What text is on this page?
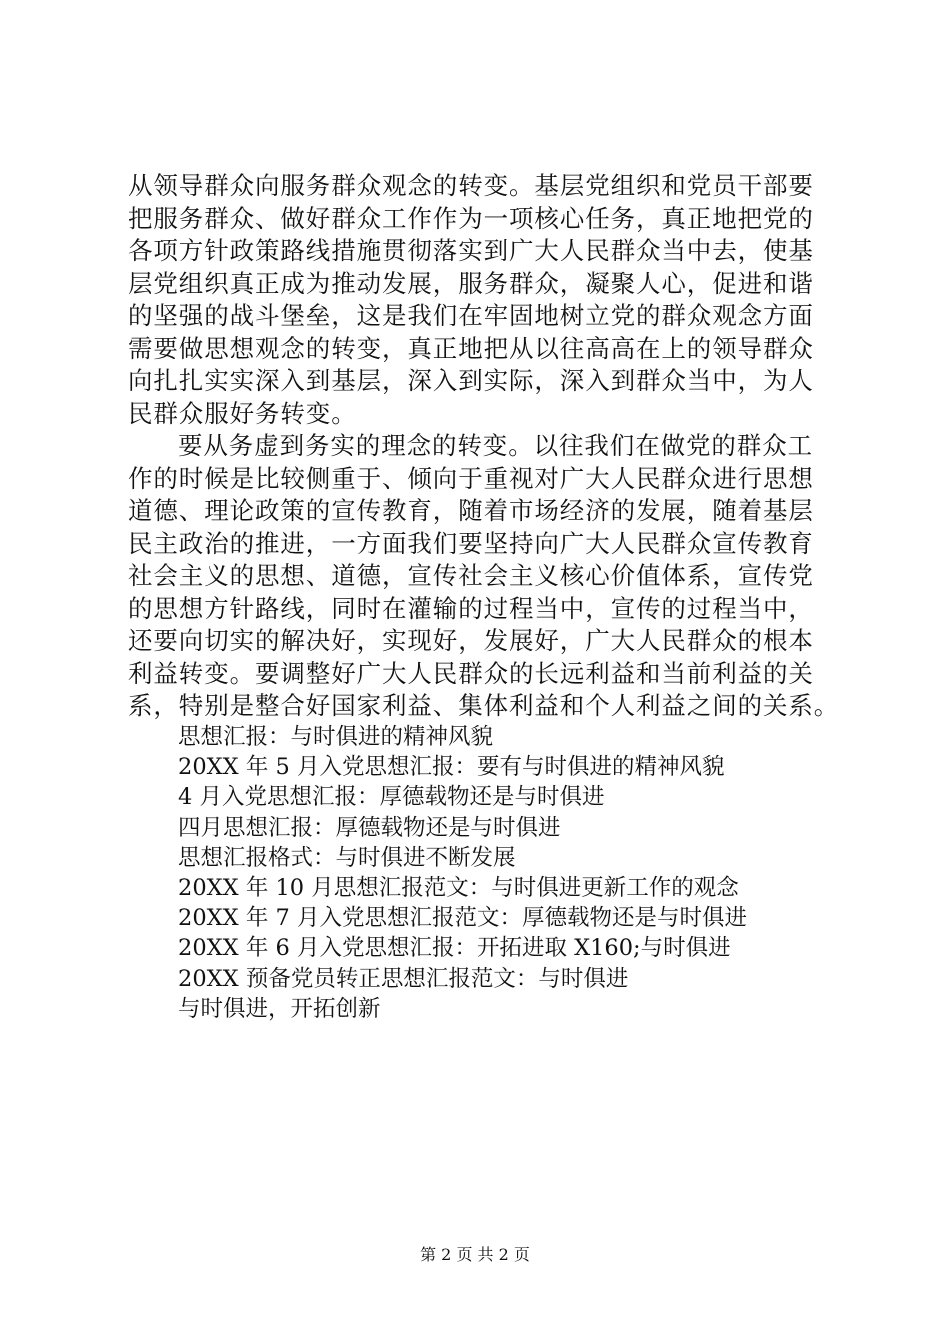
从领导群众向服务群众观念的转变。基层党组织和党员干部要
把服务群众、做好群众工作作为一项核心任务，真正地把党的
各项方针政策路线措施贯彻落实到广大人民群众当中去，使基
层党组织真正成为推动发展，服务群众，凝聚人心，促进和谐
的坚强的战斗堡垒，这是我们在牢固地树立党的群众观念方面
需要做思想观念的转变，真正地把从以往高高在上的领导群众
向扎扎实实深入到基层，深入到实际，深入到群众当中，为人
民群众服好务转变。
要从务虚到务实的理念的转变。以往我们在做党的群众工
作的时候是比较侧重于、倾向于重视对广大人民群众进行思想
道德、理论政策的宣传教育，随着市场经济的发展，随着基层
民主政治的推进，一方面我们要坚持向广大人民群众宣传教育
社会主义的思想、道德，宣传社会主义核心价值体系，宣传党
的思想方针路线，同时在灌输的过程当中，宣传的过程当中，
还要向切实的解决好，实现好，发展好，广大人民群众的根本
利益转变。要调整好广大人民群众的长远利益和当前利益的关
系，特别是整合好国家利益、集体利益和个人利益之间的关系。
思想汇报：与时俱进的精神风貌
20XX 年 5 月入党思想汇报：要有与时俱进的精神风貌
4 月入党思想汇报：厚德载物还是与时俱进
四月思想汇报：厚德载物还是与时俱进
思想汇报格式：与时俱进不断发展
20XX 年 10 月思想汇报范文：与时俱进更新工作的观念
20XX 年 7 月入党思想汇报范文：厚德载物还是与时俱进
20XX 年 6 月入党思想汇报：开拓进取 X160;与时俱进
20XX 预备党员转正思想汇报范文：与时俱进
与时俱进，开拓创新
第 2 页 共 2 页
